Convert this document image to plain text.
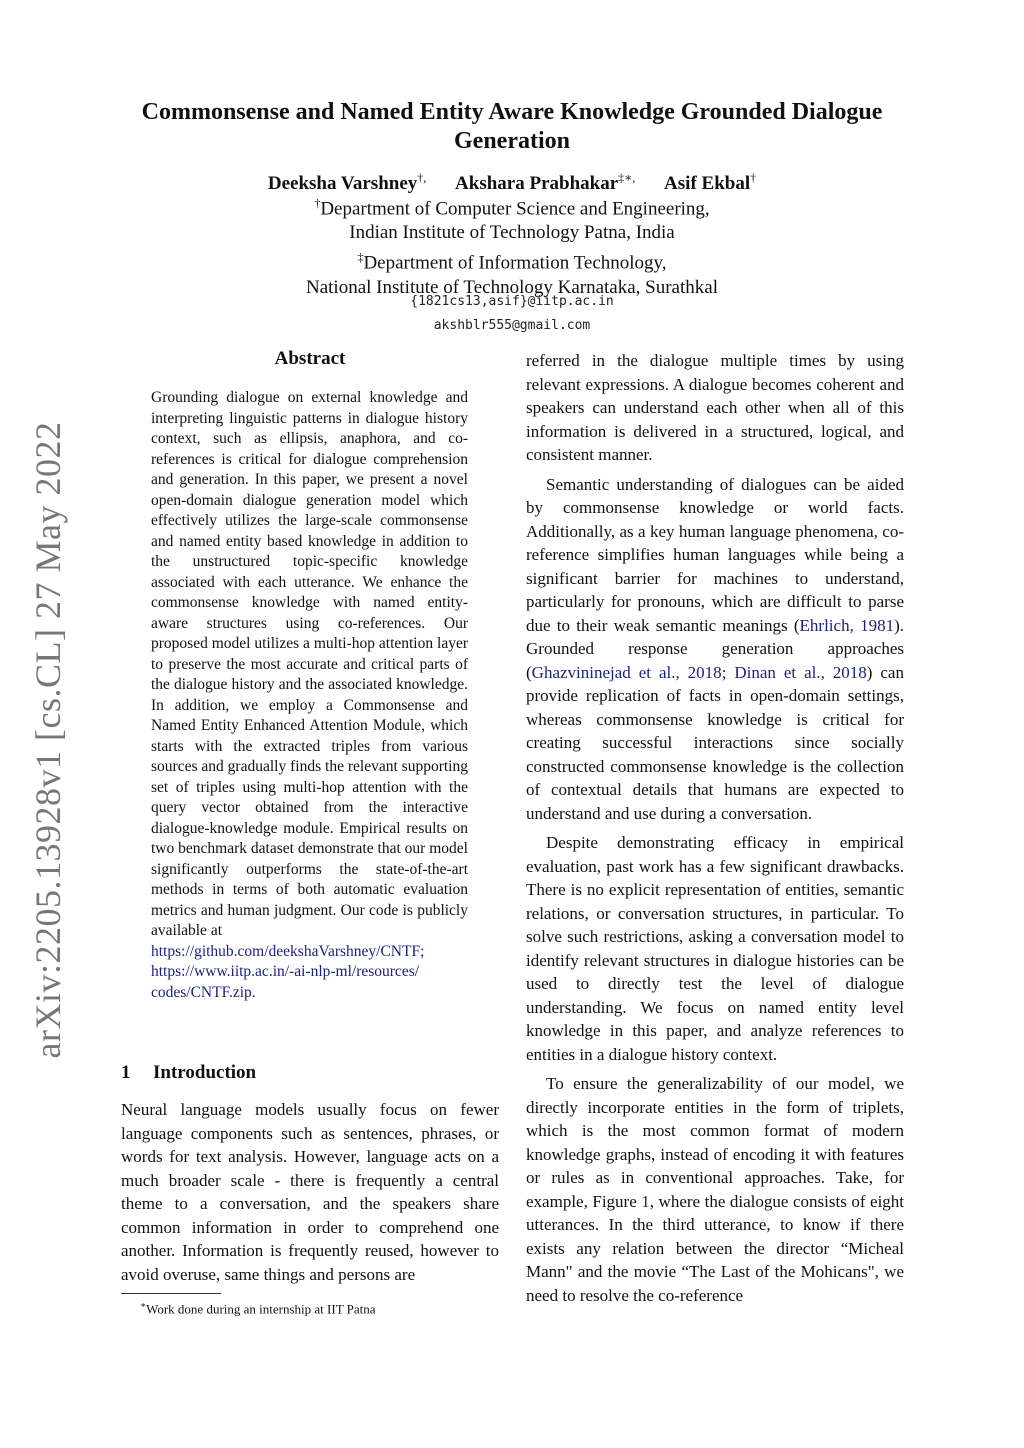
arXiv:2205.13928v1 [cs.CL] 27 May 2022
Commonsense and Named Entity Aware Knowledge Grounded Dialogue
Generation
Deeksha Varshney†, Akshara Prabhakar‡∗, Asif Ekbal†
†Department of Computer Science and Engineering,
Indian Institute of Technology Patna, India
‡Department of Information Technology,
National Institute of Technology Karnataka, Surathkal
{1821cs13,asif}@iitp.ac.in
akshblr555@gmail.com
Abstract
Grounding dialogue on external knowledge and interpreting linguistic patterns in dialogue history context, such as ellipsis, anaphora, and co-references is critical for dialogue comprehension and generation. In this paper, we present a novel open-domain dialogue generation model which effectively utilizes the large-scale commonsense and named entity based knowledge in addition to the unstructured topic-specific knowledge associated with each utterance. We enhance the commonsense knowledge with named entity-aware structures using co-references. Our proposed model utilizes a multi-hop attention layer to preserve the most accurate and critical parts of the dialogue history and the associated knowledge. In addition, we employ a Commonsense and Named Entity Enhanced Attention Module, which starts with the extracted triples from various sources and gradually finds the relevant supporting set of triples using multi-hop attention with the query vector obtained from the interactive dialogue-knowledge module. Empirical results on two benchmark dataset demonstrate that our model significantly outperforms the state-of-the-art methods in terms of both automatic evaluation metrics and human judgment. Our code is publicly available at
https://github.com/deekshaVarshney/CNTF;
https://www.iitp.ac.in/-ai-nlp-ml/resources/
codes/CNTF.zip.
1 Introduction

Neural language models usually focus on fewer language components such as sentences, phrases, or words for text analysis. However, language acts on a much broader scale - there is frequently a central theme to a conversation, and the speakers share common information in order to comprehend one another. Information is frequently reused, however to avoid overuse, same things and persons are

∗Work done during an internship at IIT Patna

referred in the dialogue multiple times by using relevant expressions. A dialogue becomes coherent and speakers can understand each other when all of this information is delivered in a structured, logical, and consistent manner.

Semantic understanding of dialogues can be aided by commonsense knowledge or world facts. Additionally, as a key human language phenomena, co-reference simplifies human languages while being a significant barrier for machines to understand, particularly for pronouns, which are difficult to parse due to their weak semantic meanings (Ehrlich, 1981). Grounded response generation approaches (Ghazvininejad et al., 2018; Dinan et al., 2018) can provide replication of facts in open-domain settings, whereas commonsense knowledge is critical for creating successful interactions since socially constructed commonsense knowledge is the collection of contextual details that humans are expected to understand and use during a conversation.

Despite demonstrating efficacy in empirical evaluation, past work has a few significant drawbacks. There is no explicit representation of entities, semantic relations, or conversation structures, in particular. To solve such restrictions, asking a conversation model to identify relevant structures in dialogue histories can be used to directly test the level of dialogue understanding. We focus on named entity level knowledge in this paper, and analyze references to entities in a dialogue history context.

To ensure the generalizability of our model, we directly incorporate entities in the form of triplets, which is the most common format of modern knowledge graphs, instead of encoding it with features or rules as in conventional approaches. Take, for example, Figure 1, where the dialogue consists of eight utterances. In the third utterance, to know if there exists any relation between the director “Micheal Mann" and the movie “The Last of the Mohicans", we need to resolve the co-reference
